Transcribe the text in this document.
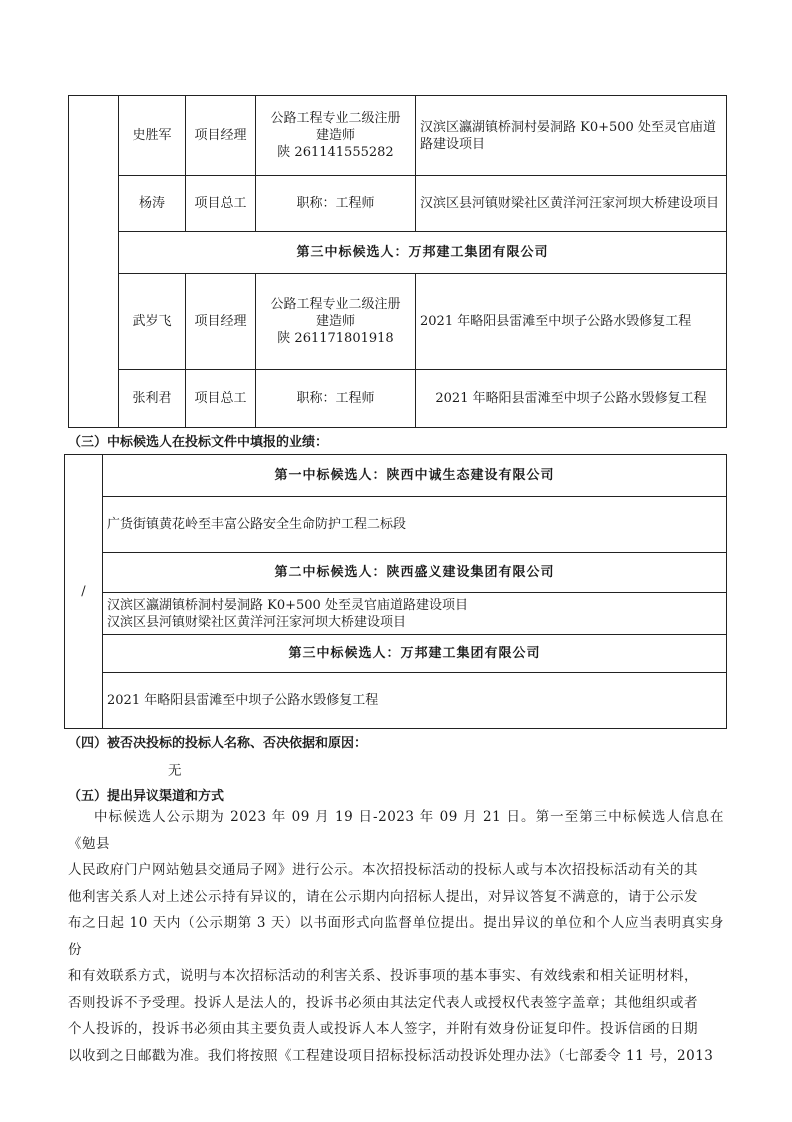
	史胜军	项目经理	公路工程专业二级注册
建造师
陕 261141555282	汉滨区瀛湖镇桥洞村晏洞路 K0+500 处至灵官庙道路建设项目
	杨涛	项目总工	职称：工程师	汉滨区县河镇财梁社区黄洋河汪家河坝大桥建设项目
	第三中标候选人：万邦建工集团有限公司			
	武岁飞	项目经理	公路工程专业二级注册
建造师
陕 261171801918	2021 年略阳县雷滩至中坝子公路水毁修复工程
	张利君	项目总工	职称：工程师	2021 年略阳县雷滩至中坝子公路水毁修复工程
（三）中标候选人在投标文件中填报的业绩：
/	第一中标候选人：陕西中诚生态建设有限公司
广货街镇黄花岭至丰富公路安全生命防护工程二标段
第二中标候选人：陕西盛义建设集团有限公司

汉滨区瀛湖镇桥洞村晏洞路 K0+500 处至灵官庙道路建设项目
汉滨区县河镇财梁社区黄洋河汪家河坝大桥建设项目

第三中标候选人：万邦建工集团有限公司
2021 年略阳县雷滩至中坝子公路水毁修复工程
（四）被否决投标的投标人名称、否决依据和原因：
无
（五）提出异议渠道和方式
中标候选人公示期为 2023 年 09 月 19 日-2023 年 09 月 21 日。第一至第三中标候选人信息在《勉县
人民政府门户网站勉县交通局子网》进行公示。本次招投标活动的投标人或与本次招投标活动有关的其
他利害关系人对上述公示持有异议的，请在公示期内向招标人提出，对异议答复不满意的，请于公示发
布之日起 10 天内（公示期第 3 天）以书面形式向监督单位提出。提出异议的单位和个人应当表明真实身份
和有效联系方式，说明与本次招标活动的利害关系、投诉事项的基本事实、有效线索和相关证明材料，
否则投诉不予受理。投诉人是法人的，投诉书必须由其法定代表人或授权代表签字盖章；其他组织或者
个人投诉的，投诉书必须由其主要负责人或投诉人本人签字，并附有效身份证复印件。投诉信函的日期
以收到之日邮戳为准。我们将按照《工程建设项目招标投标活动投诉处理办法》（七部委令 11 号，2013
